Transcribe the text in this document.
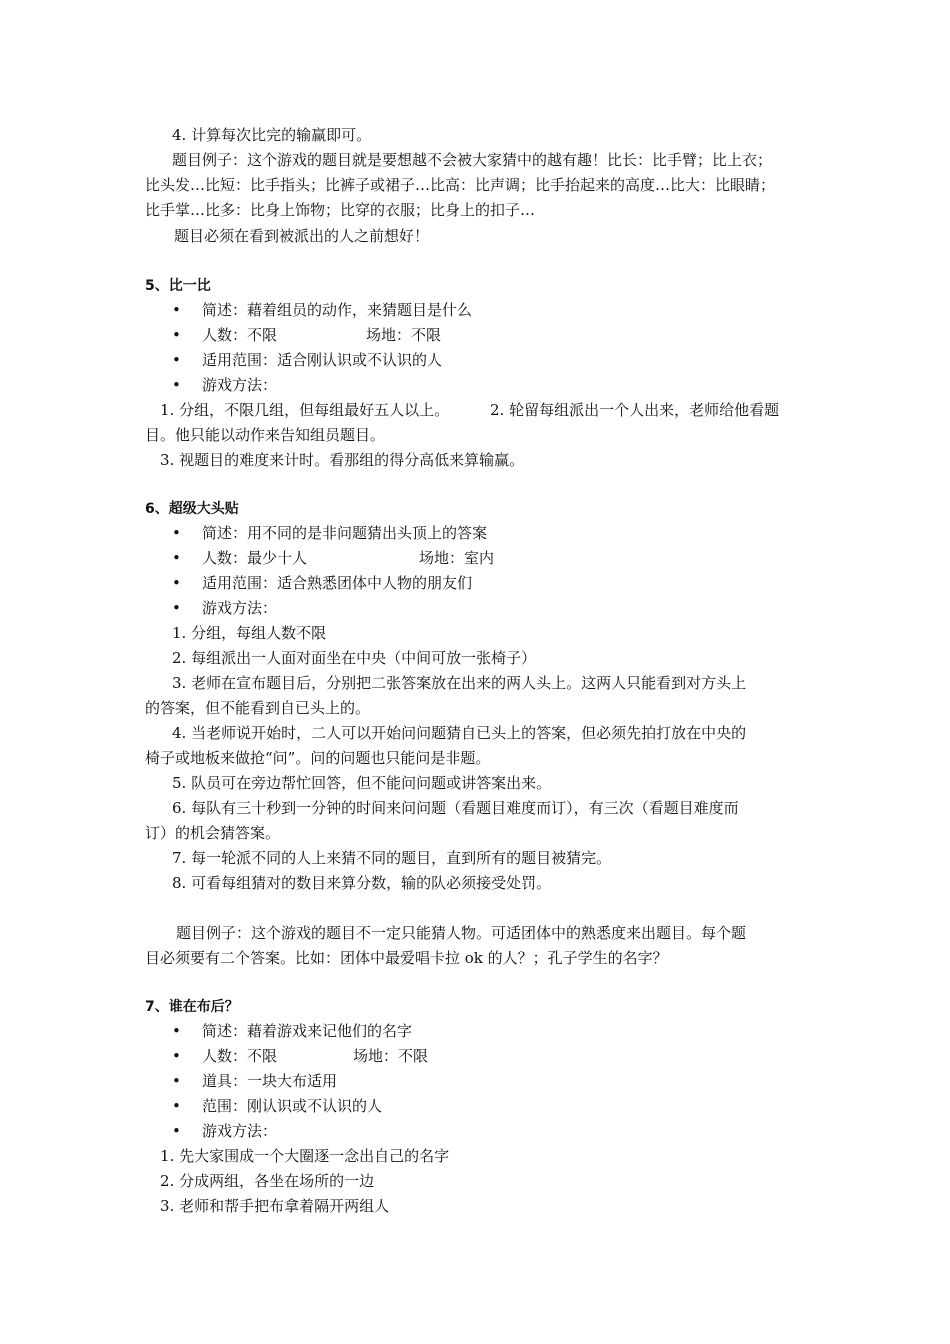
4. 计算每次比完的输赢即可。
题目例子：这个游戏的题目就是要想越不会被大家猜中的越有趣！比长：比手臂；比上衣；
比头发…比短：比手指头；比裤子或裙子…比高：比声调；比手抬起来的高度…比大：比眼睛；
比手掌…比多：比身上饰物；比穿的衣服；比身上的扣子…
题目必须在看到被派出的人之前想好！
5、比一比
• 简述：藉着组员的动作，来猜题目是什么
• 人数：不限	场地：不限
• 适用范围：适合刚认识或不认识的人
• 游戏方法：
1. 分组，不限几组，但每组最好五人以上。	2. 轮留每组派出一个人出来，老师给他看题
目。他只能以动作来告知组员题目。
3. 视题目的难度来计时。看那组的得分高低来算输赢。
6、超级大头贴
• 简述：用不同的是非问题猜出头顶上的答案
• 人数：最少十人	场地：室内
• 适用范围：适合熟悉团体中人物的朋友们
• 游戏方法：
1. 分组，每组人数不限
2. 每组派出一人面对面坐在中央（中间可放一张椅子）
3. 老师在宣布题目后，分别把二张答案放在出来的两人头上。这两人只能看到对方头上
的答案，但不能看到自已头上的。
4. 当老师说开始时，二人可以开始问问题猜自已头上的答案，但必须先拍打放在中央的
椅子或地板来做抢“问”。问的问题也只能问是非题。
5. 队员可在旁边帮忙回答，但不能问问题或讲答案出来。
6. 每队有三十秒到一分钟的时间来问问题（看题目难度而订），有三次（看题目难度而
订）的机会猜答案。
7. 每一轮派不同的人上来猜不同的题目，直到所有的题目被猜完。
8. 可看每组猜对的数目来算分数，输的队必须接受处罚。
题目例子：这个游戏的题目不一定只能猜人物。可适团体中的熟悉度来出题目。每个题
目必须要有二个答案。比如：团体中最爱唱卡拉 ok 的人？；孔子学生的名字？
7、谁在布后？
• 简述：藉着游戏来记他们的名字
• 人数：不限	场地：不限
• 道具：一块大布适用
• 范围：刚认识或不认识的人
• 游戏方法：
1. 先大家围成一个大圈逐一念出自己的名字
2. 分成两组，各坐在场所的一边
3. 老师和帮手把布拿着隔开两组人
